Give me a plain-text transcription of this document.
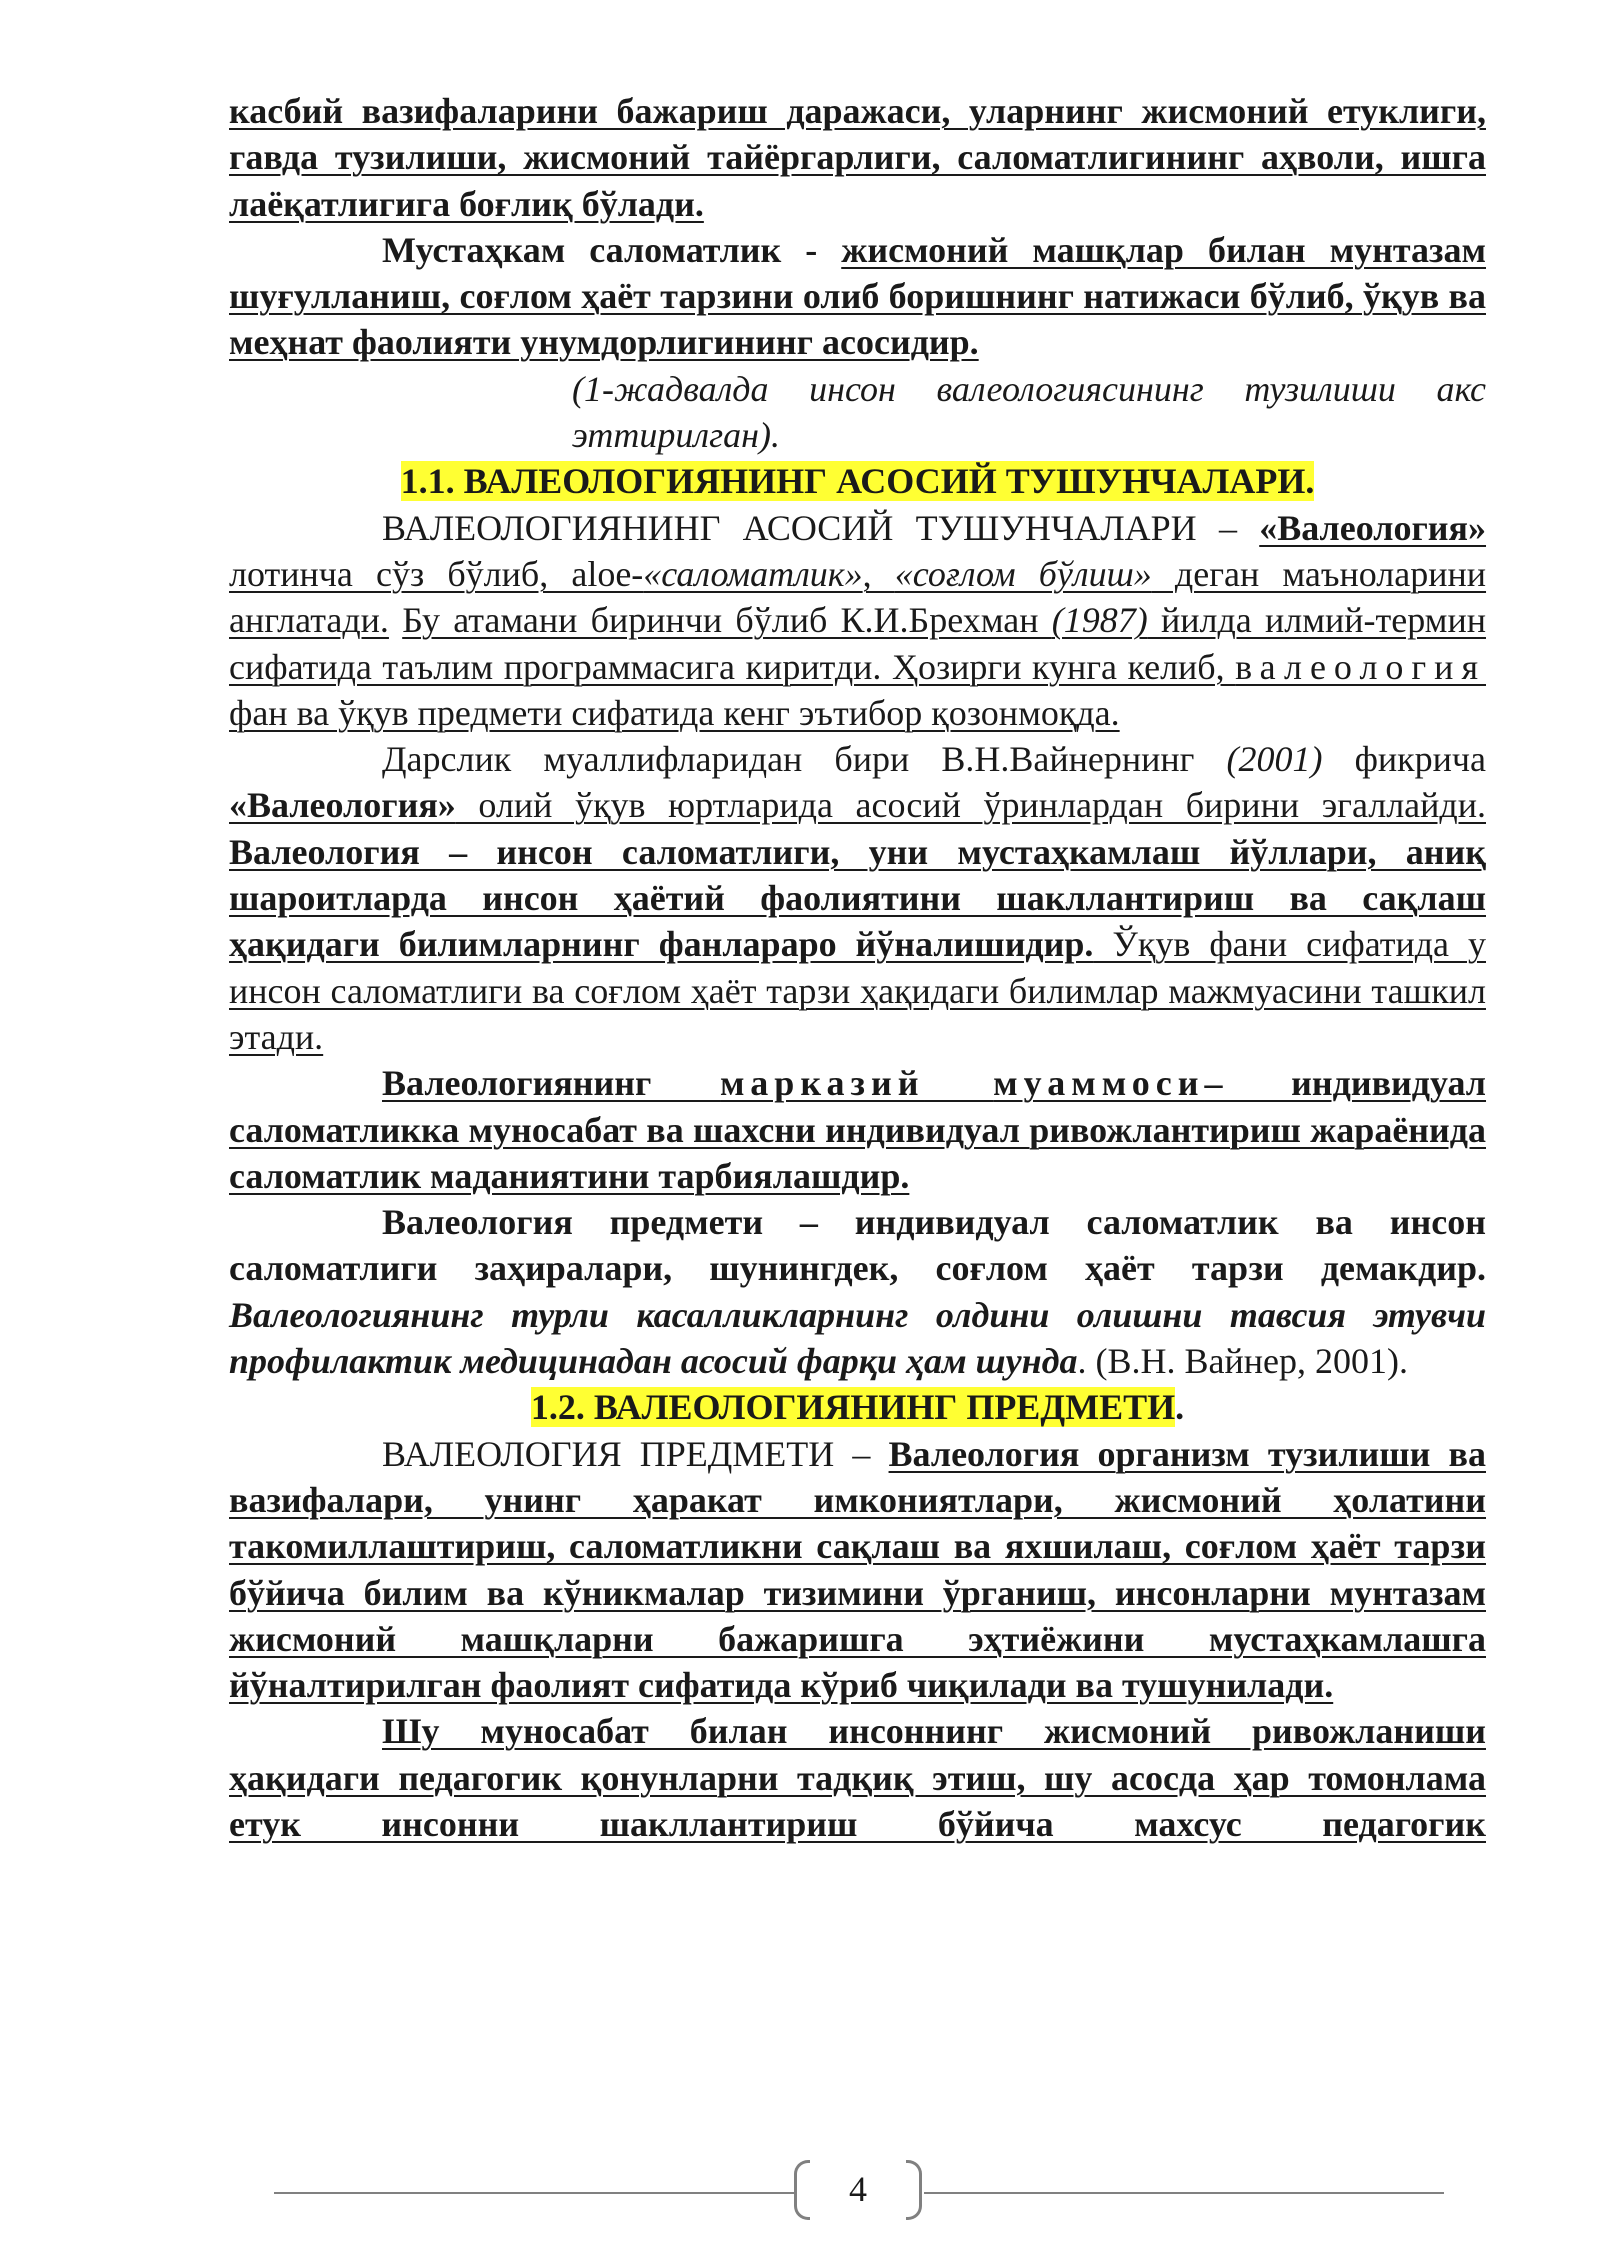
касбий вазифаларини бажариш даражаси, уларнинг жисмоний етуклиги, гавда тузилиши, жисмоний тайёргарлиги, саломатлигининг аҳволи, ишга лаёқатлигига боғлиқ бўлади.

Мустаҳкам саломатлик - жисмоний машқлар билан мунтазам шуғулланиш, соғлом ҳаёт тарзини олиб боришнинг натижаси бўлиб, ўқув ва меҳнат фаолияти унумдорлигининг асосидир.

(1-жадвалда инсон валеологиясининг тузилиши акс эттирилган).

1.1. ВАЛЕОЛОГИЯНИНГ АСОСИЙ ТУШУНЧАЛАРИ.

ВАЛЕОЛОГИЯНИНГ АСОСИЙ ТУШУНЧАЛАРИ – «Валеология» лотинча сўз бўлиб, aloe-«саломатлик», «соғлом бўлиш» деган маъноларини англатади. Бу атамани биринчи бўлиб К.И.Брехман (1987) йилда илмий-термин сифатида таълим программасига киритди. Ҳозирги кунга келиб, валеология фан ва ўқув предмети сифатида кенг эътибор қозонмоқда.

Дарслик муаллифларидан бири В.Н.Вайнернинг (2001) фикрича «Валеология» олий ўқув юртларида асосий ўринлардан бирини эгаллайди. Валеология – инсон саломатлиги, уни мустаҳкамлаш йўллари, аниқ шароитларда инсон ҳаётий фаолиятини шакллантириш ва сақлаш ҳақидаги билимларнинг фанлараро йўналишидир. Ўқув фани сифатида у инсон саломатлиги ва соғлом ҳаёт тарзи ҳақидаги билимлар мажмуасини ташкил этади.

Валеологиянинг марказий муаммоси– индивидуал саломатликка муносабат ва шахсни индивидуал ривожлантириш жараёнида саломатлик маданиятини тарбиялашдир.

Валеология предмети – индивидуал саломатлик ва инсон саломатлиги заҳиралари, шунингдек, соғлом ҳаёт тарзи демакдир. Валеологиянинг турли касалликларнинг олдини олишни тавсия этувчи профилактик медицинадан асосий фарқи ҳам шунда. (В.Н. Вайнер, 2001).

1.2. ВАЛЕОЛОГИЯНИНГ ПРЕДМЕТИ.

ВАЛЕОЛОГИЯ ПРЕДМЕТИ – Валеология организм тузилиши ва вазифалари, унинг ҳаракат имкониятлари, жисмоний ҳолатини такомиллаштириш, саломатликни сақлаш ва яхшилаш, соғлом ҳаёт тарзи бўйича билим ва кўникмалар тизимини ўрганиш, инсонларни мунтазам жисмоний машқларни бажаришга эҳтиёжини мустаҳкамлашга йўналтирилган фаолият сифатида кўриб чиқилади ва тушунилади.

Шу муносабат билан инсоннинг жисмоний ривожланиши ҳақидаги педагогик қонунларни тадқиқ этиш, шу асосда ҳар томонлама етук инсонни шакллантириш бўйича махсус педагогик

4
